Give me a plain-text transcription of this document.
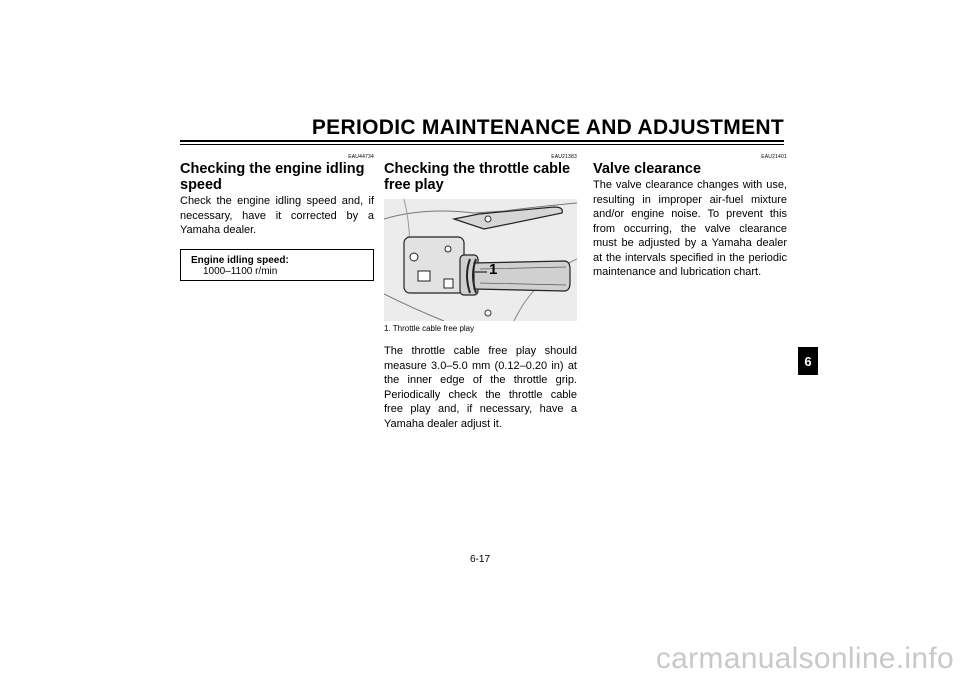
PERIODIC MAINTENANCE AND ADJUSTMENT
EAU44734
Checking the engine idling speed

Check the engine idling speed and, if necessary, have it corrected by a Yamaha dealer.

Engine idling speed:
1000–1100 r/min
EAU21383
Checking the throttle cable free play
1
1. Throttle cable free play

The throttle cable free play should measure 3.0–5.0 mm (0.12–0.20 in) at the inner edge of the throttle grip. Periodically check the throttle cable free play and, if necessary, have a Yamaha dealer adjust it.

EAU21401
Valve clearance

The valve clearance changes with use, resulting in improper air-fuel mixture and/or engine noise. To prevent this from occurring, the valve clearance must be adjusted by a Yamaha dealer at the intervals specified in the periodic maintenance and lubrication chart.

6
6-17
carmanualsonline.info
